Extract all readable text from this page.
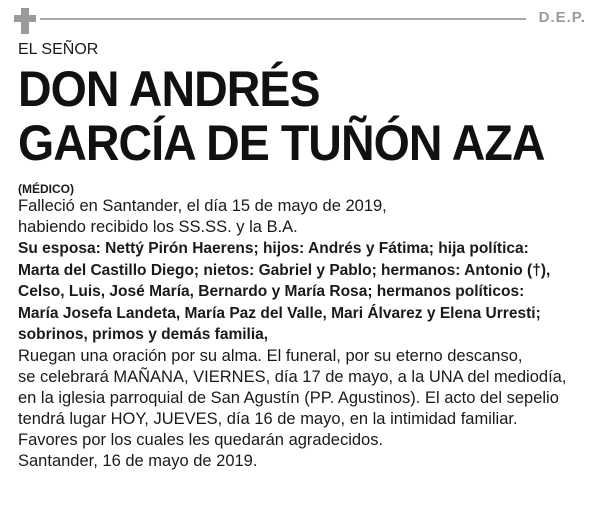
D.E.P.
EL SEÑOR
DON ANDRÉS
GARCÍA DE TUÑÓN AZA
(MÉDICO)
Falleció en Santander, el día 15 de mayo de 2019,
habiendo recibido los SS.SS. y la B.A.
Su esposa: Nettý Pirón Haerens; hijos: Andrés y Fátima; hija política:
Marta del Castillo Diego; nietos: Gabriel y Pablo; hermanos: Antonio (†),
Celso, Luis, José María, Bernardo y María Rosa; hermanos políticos:
María Josefa Landeta, María Paz del Valle, Mari Álvarez y Elena Urresti;
sobrinos, primos y demás familia,
Ruegan una oración por su alma. El funeral, por su eterno descanso,
se celebrará MAÑANA, VIERNES, día 17 de mayo, a la UNA del mediodía,
en la iglesia parroquial de San Agustín (PP. Agustinos). El acto del sepelio
tendrá lugar HOY, JUEVES, día 16 de mayo, en la intimidad familiar.
Favores por los cuales les quedarán agradecidos.
Santander, 16 de mayo de 2019.
